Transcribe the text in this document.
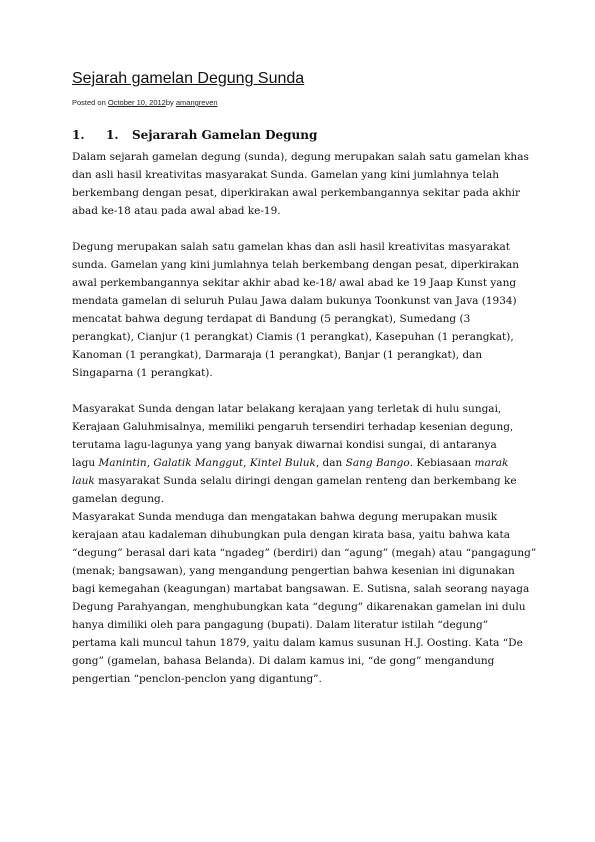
Sejarah gamelan Degung Sunda
Posted on October 10, 2012by amangreven
1. 1. Sejararah Gamelan Degung
Dalam sejarah gamelan degung (sunda), degung merupakan salah satu gamelan khas
dan asli hasil kreativitas masyarakat Sunda. Gamelan yang kini jumlahnya telah
berkembang dengan pesat, diperkirakan awal perkembangannya sekitar pada akhir
abad ke-18 atau pada awal abad ke-19.
Degung merupakan salah satu gamelan khas dan asli hasil kreativitas masyarakat
sunda. Gamelan yang kini jumlahnya telah berkembang dengan pesat, diperkirakan
awal perkembangannya sekitar akhir abad ke-18/ awal abad ke 19 Jaap Kunst yang
mendata gamelan di seluruh Pulau Jawa dalam bukunya Toonkunst van Java (1934)
mencatat bahwa degung terdapat di Bandung (5 perangkat), Sumedang (3
perangkat), Cianjur (1 perangkat) Ciamis (1 perangkat), Kasepuhan (1 perangkat),
Kanoman (1 perangkat), Darmaraja (1 perangkat), Banjar (1 perangkat), dan
Singaparna (1 perangkat).
Masyarakat Sunda dengan latar belakang kerajaan yang terletak di hulu sungai,
Kerajaan Galuhmisalnya, memiliki pengaruh tersendiri terhadap kesenian degung,
terutama lagu-lagunya yang yang banyak diwarnai kondisi sungai, di antaranya
lagu Manintin, Galatik Manggut, Kintel Buluk, dan Sang Bango. Kebiasaan marak
lauk masyarakat Sunda selalu diringi dengan gamelan renteng dan berkembang ke
gamelan degung.
Masyarakat Sunda menduga dan mengatakan bahwa degung merupakan musik
kerajaan atau kadaleman dihubungkan pula dengan kirata basa, yaitu bahwa kata
“degung” berasal dari kata “ngadeg” (berdiri) dan “agung” (megah) atau “pangagung”
(menak; bangsawan), yang mengandung pengertian bahwa kesenian ini digunakan
bagi kemegahan (keagungan) martabat bangsawan. E. Sutisna, salah seorang nayaga
Degung Parahyangan, menghubungkan kata “degung” dikarenakan gamelan ini dulu
hanya dimiliki oleh para pangagung (bupati). Dalam literatur istilah “degung”
pertama kali muncul tahun 1879, yaitu dalam kamus susunan H.J. Oosting. Kata “De
gong” (gamelan, bahasa Belanda). Di dalam kamus ini, “de gong” mengandung
pengertian “penclon-penclon yang digantung”.
